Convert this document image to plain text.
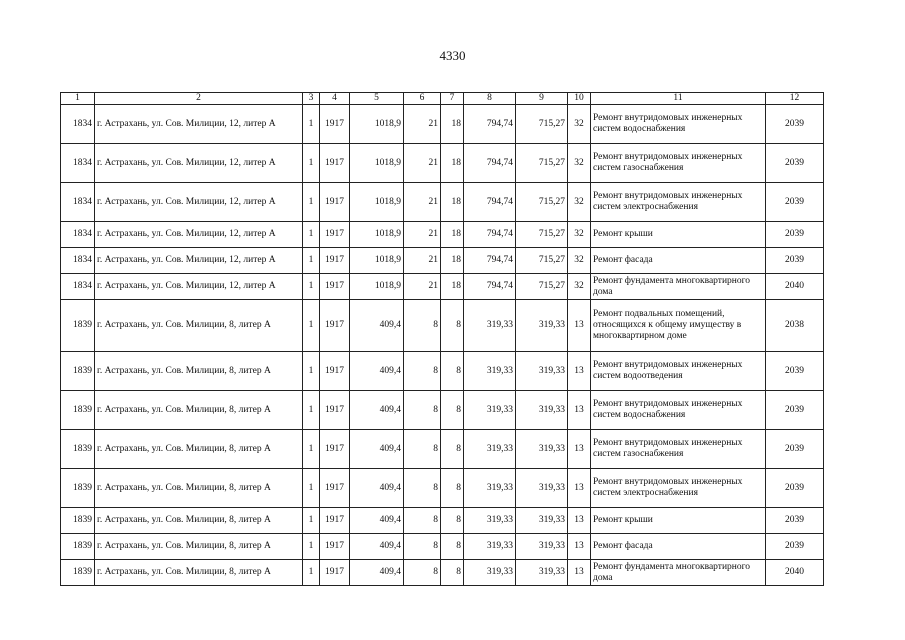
4330
1	2	3	4	5	6	7	8	9	10	11	12
1834	г. Астрахань, ул. Сов. Милиции, 12, литер А	1	1917	1018,9	21	18	794,74	715,27	32	Ремонт внутридомовых инженерных систем водоснабжения	2039
1834	г. Астрахань, ул. Сов. Милиции, 12, литер А	1	1917	1018,9	21	18	794,74	715,27	32	Ремонт внутридомовых инженерных систем газоснабжения	2039
1834	г. Астрахань, ул. Сов. Милиции, 12, литер А	1	1917	1018,9	21	18	794,74	715,27	32	Ремонт внутридомовых инженерных систем электроснабжения	2039
1834	г. Астрахань, ул. Сов. Милиции, 12, литер А	1	1917	1018,9	21	18	794,74	715,27	32	Ремонт крыши	2039
1834	г. Астрахань, ул. Сов. Милиции, 12, литер А	1	1917	1018,9	21	18	794,74	715,27	32	Ремонт фасада	2039
1834	г. Астрахань, ул. Сов. Милиции, 12, литер А	1	1917	1018,9	21	18	794,74	715,27	32	Ремонт фундамента многоквартирного дома	2040
1839	г. Астрахань, ул. Сов. Милиции, 8, литер А	1	1917	409,4	8	8	319,33	319,33	13	Ремонт подвальных помещений, относящихся к общему имуществу в многоквартирном доме	2038
1839	г. Астрахань, ул. Сов. Милиции, 8, литер А	1	1917	409,4	8	8	319,33	319,33	13	Ремонт внутридомовых инженерных систем водоотведения	2039
1839	г. Астрахань, ул. Сов. Милиции, 8, литер А	1	1917	409,4	8	8	319,33	319,33	13	Ремонт внутридомовых инженерных систем водоснабжения	2039
1839	г. Астрахань, ул. Сов. Милиции, 8, литер А	1	1917	409,4	8	8	319,33	319,33	13	Ремонт внутридомовых инженерных систем газоснабжения	2039
1839	г. Астрахань, ул. Сов. Милиции, 8, литер А	1	1917	409,4	8	8	319,33	319,33	13	Ремонт внутридомовых инженерных систем электроснабжения	2039
1839	г. Астрахань, ул. Сов. Милиции, 8, литер А	1	1917	409,4	8	8	319,33	319,33	13	Ремонт крыши	2039
1839	г. Астрахань, ул. Сов. Милиции, 8, литер А	1	1917	409,4	8	8	319,33	319,33	13	Ремонт фасада	2039
1839	г. Астрахань, ул. Сов. Милиции, 8, литер А	1	1917	409,4	8	8	319,33	319,33	13	Ремонт фундамента многоквартирного дома	2040
